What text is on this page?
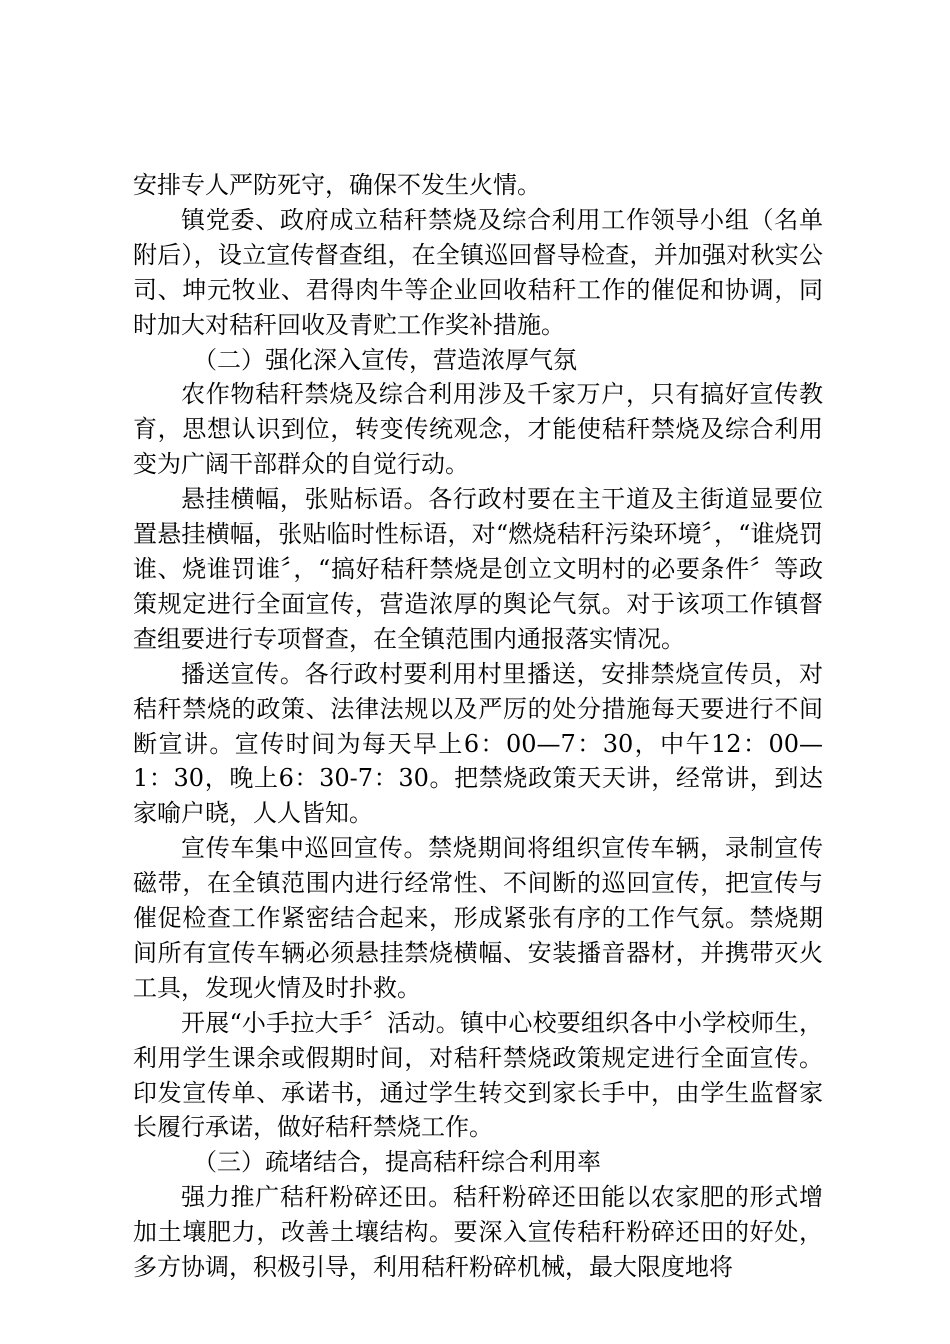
安排专人严防死守，确保不发生火情。

镇党委、政府成立秸秆禁烧及综合利用工作领导小组（名单附后），设立宣传督查组，在全镇巡回督导检查，并加强对秋实公司、坤元牧业、君得肉牛等企业回收秸秆工作的催促和协调，同时加大对秸秆回收及青贮工作奖补措施。

（二）强化深入宣传，营造浓厚气氛

农作物秸秆禁烧及综合利用涉及千家万户，只有搞好宣传教育，思想认识到位，转变传统观念，才能使秸秆禁烧及综合利用变为广阔干部群众的自觉行动。

悬挂横幅，张贴标语。各行政村要在主干道及主街道显要位置悬挂横幅，张贴临时性标语，对“燃烧秸秆污染环境〞，“谁烧罚谁、烧谁罚谁〞，“搞好秸秆禁烧是创立文明村的必要条件〞等政策规定进行全面宣传，营造浓厚的舆论气氛。对于该项工作镇督查组要进行专项督查，在全镇范围内通报落实情况。

播送宣传。各行政村要利用村里播送，安排禁烧宣传员，对秸秆禁烧的政策、法律法规以及严厉的处分措施每天要进行不间断宣讲。宣传时间为每天早上6：00—7：30，中午12：00—1：30，晚上6：30-7：30。把禁烧政策天天讲，经常讲，到达家喻户晓，人人皆知。

宣传车集中巡回宣传。禁烧期间将组织宣传车辆，录制宣传磁带，在全镇范围内进行经常性、不间断的巡回宣传，把宣传与催促检查工作紧密结合起来，形成紧张有序的工作气氛。禁烧期间所有宣传车辆必须悬挂禁烧横幅、安装播音器材，并携带灭火工具，发现火情及时扑救。

开展“小手拉大手〞活动。镇中心校要组织各中小学校师生，利用学生课余或假期时间，对秸秆禁烧政策规定进行全面宣传。印发宣传单、承诺书，通过学生转交到家长手中，由学生监督家长履行承诺，做好秸秆禁烧工作。

（三）疏堵结合，提高秸秆综合利用率

强力推广秸秆粉碎还田。秸秆粉碎还田能以农家肥的形式增加土壤肥力，改善土壤结构。要深入宣传秸秆粉碎还田的好处，多方协调，积极引导，利用秸秆粉碎机械，最大限度地将
